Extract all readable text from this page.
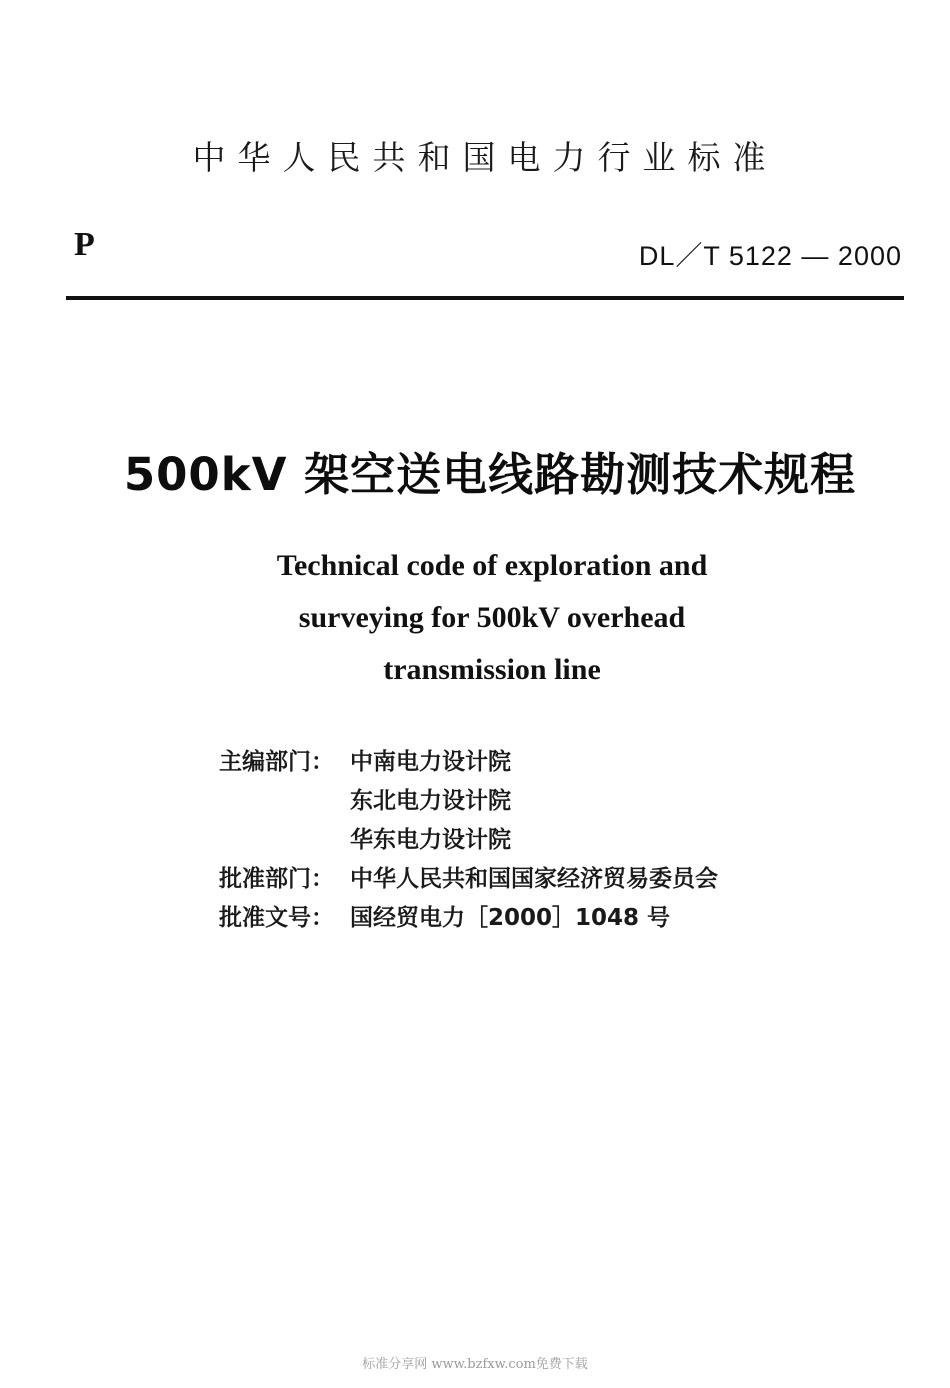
中华人民共和国电力行业标准
P	DL／T 5122 — 2000
500kV 架空送电线路勘测技术规程
Technical code of exploration and
surveying for 500kV overhead
transmission line
主编部门： 中南电力设计院
东北电力设计院
华东电力设计院
批准部门： 中华人民共和国国家经济贸易委员会
批准文号： 国经贸电力［2000］1048 号
标准分享网 www.bzfxw.com免费下载
